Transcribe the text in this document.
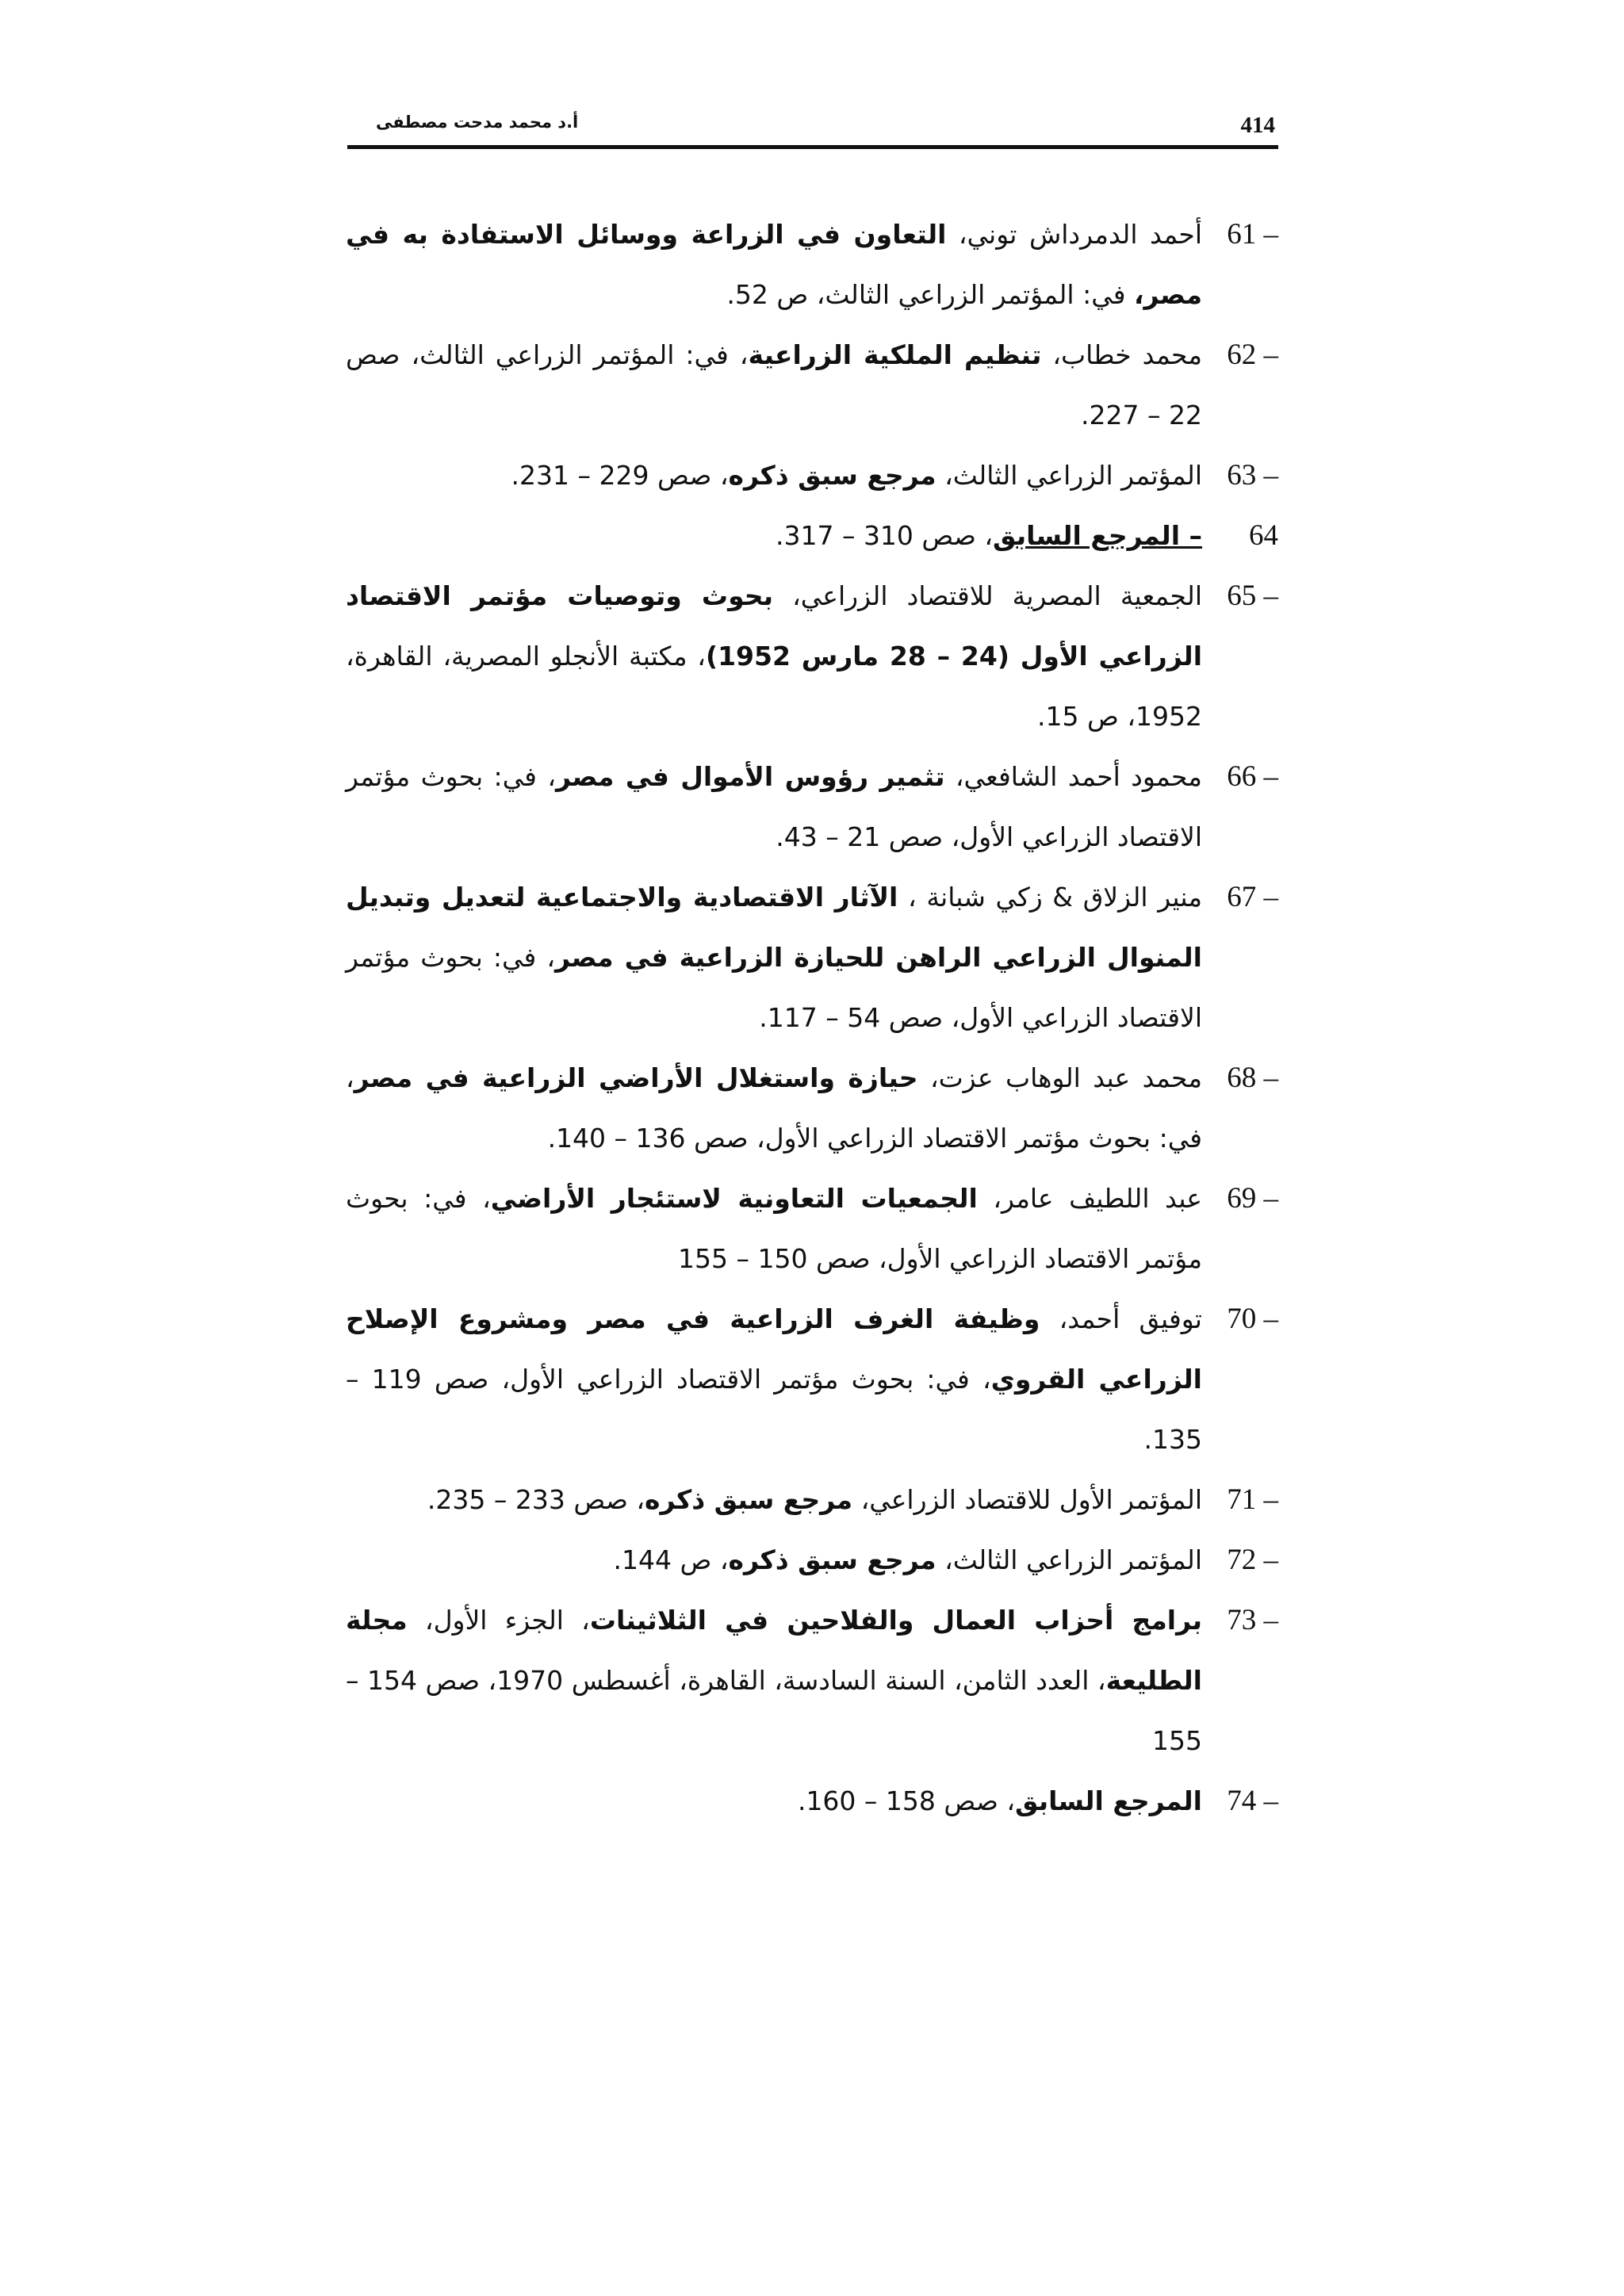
414
أ.د محمد مدحت مصطفى
61 –
أحمد الدمرداش توني، التعاون في الزراعة ووسائل الاستفادة به في مصر، في: المؤتمر الزراعي الثالث، ص 52.
62 –
محمد خطاب، تنظيم الملكية الزراعية، في: المؤتمر الزراعي الثالث، صص 22 – 227.
63 –
المؤتمر الزراعي الثالث، مرجع سبق ذكره، صص 229 – 231.
64
– المرجع السابق، صص 310 – 317.
65 –
الجمعية المصرية للاقتصاد الزراعي، بحوث وتوصيات مؤتمر الاقتصاد الزراعي الأول (24 – 28 مارس 1952)، مكتبة الأنجلو المصرية، القاهرة، 1952، ص 15.
66 –
محمود أحمد الشافعي، تثمير رؤوس الأموال في مصر، في: بحوث مؤتمر الاقتصاد الزراعي الأول، صص 21 – 43.
67 –
منير الزلاق & زكي شبانة ، الآثار الاقتصادية والاجتماعية لتعديل وتبديل المنوال الزراعي الراهن للحيازة الزراعية في مصر، في: بحوث مؤتمر الاقتصاد الزراعي الأول، صص 54 – 117.
68 –
محمد عبد الوهاب عزت، حيازة واستغلال الأراضي الزراعية في مصر، في: بحوث مؤتمر الاقتصاد الزراعي الأول، صص 136 – 140.
69 –
عبد اللطيف عامر، الجمعيات التعاونية لاستئجار الأراضي، في: بحوث مؤتمر الاقتصاد الزراعي الأول، صص 150 – 155
70 –
توفيق أحمد، وظيفة الغرف الزراعية في مصر ومشروع الإصلاح الزراعي القروي، في: بحوث مؤتمر الاقتصاد الزراعي الأول، صص 119 – 135.
71 –
المؤتمر الأول للاقتصاد الزراعي، مرجع سبق ذكره، صص 233 – 235.
72 –
المؤتمر الزراعي الثالث، مرجع سبق ذكره، ص 144.
73 –
برامج أحزاب العمال والفلاحين في الثلاثينات، الجزء الأول، مجلة الطليعة، العدد الثامن، السنة السادسة، القاهرة، أغسطس 1970، صص 154 – 155
74 –
المرجع السابق، صص 158 – 160.
